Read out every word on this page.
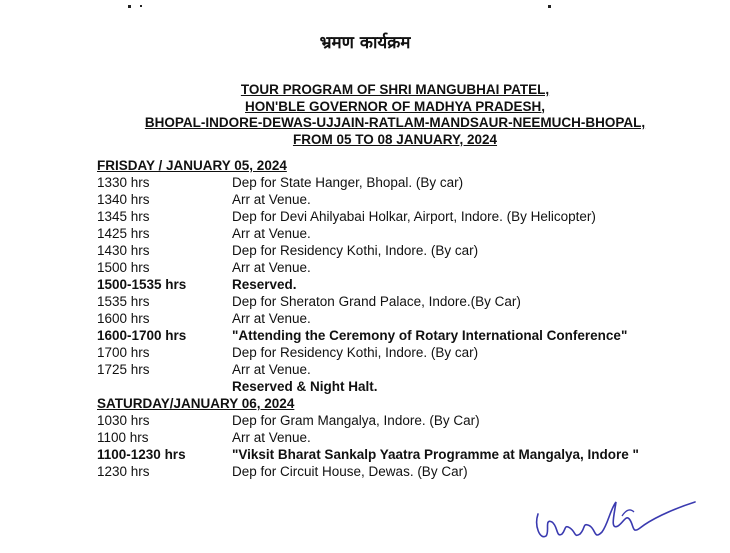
भ्रमण कार्यक्रम
TOUR PROGRAM OF SHRI MANGUBHAI PATEL,
HON'BLE GOVERNOR OF MADHYA PRADESH,
BHOPAL-INDORE-DEWAS-UJJAIN-RATLAM-MANDSAUR-NEEMUCH-BHOPAL,
FROM 05 TO 08 JANUARY, 2024
FRISDAY / JANUARY 05, 2024
1330 hrs	Dep for State Hanger, Bhopal. (By car)
1340 hrs	Arr at Venue.
1345 hrs	Dep for Devi Ahilyabai Holkar, Airport, Indore. (By Helicopter)
1425 hrs	Arr at Venue.
1430 hrs	Dep for Residency Kothi, Indore. (By car)
1500 hrs	Arr at Venue.
1500-1535 hrs	Reserved.
1535 hrs	Dep for Sheraton Grand Palace, Indore.(By Car)
1600 hrs	Arr at Venue.
1600-1700 hrs	"Attending the Ceremony of Rotary International Conference"
1700 hrs	Dep for Residency Kothi, Indore. (By car)
1725 hrs	Arr at Venue.
Reserved & Night Halt.
SATURDAY/JANUARY 06, 2024
1030 hrs	Dep for Gram Mangalya, Indore. (By Car)
1100 hrs	Arr at Venue.
1100-1230 hrs	"Viksit Bharat Sankalp Yaatra Programme at Mangalya, Indore "
1230 hrs	Dep for Circuit House, Dewas. (By Car)
